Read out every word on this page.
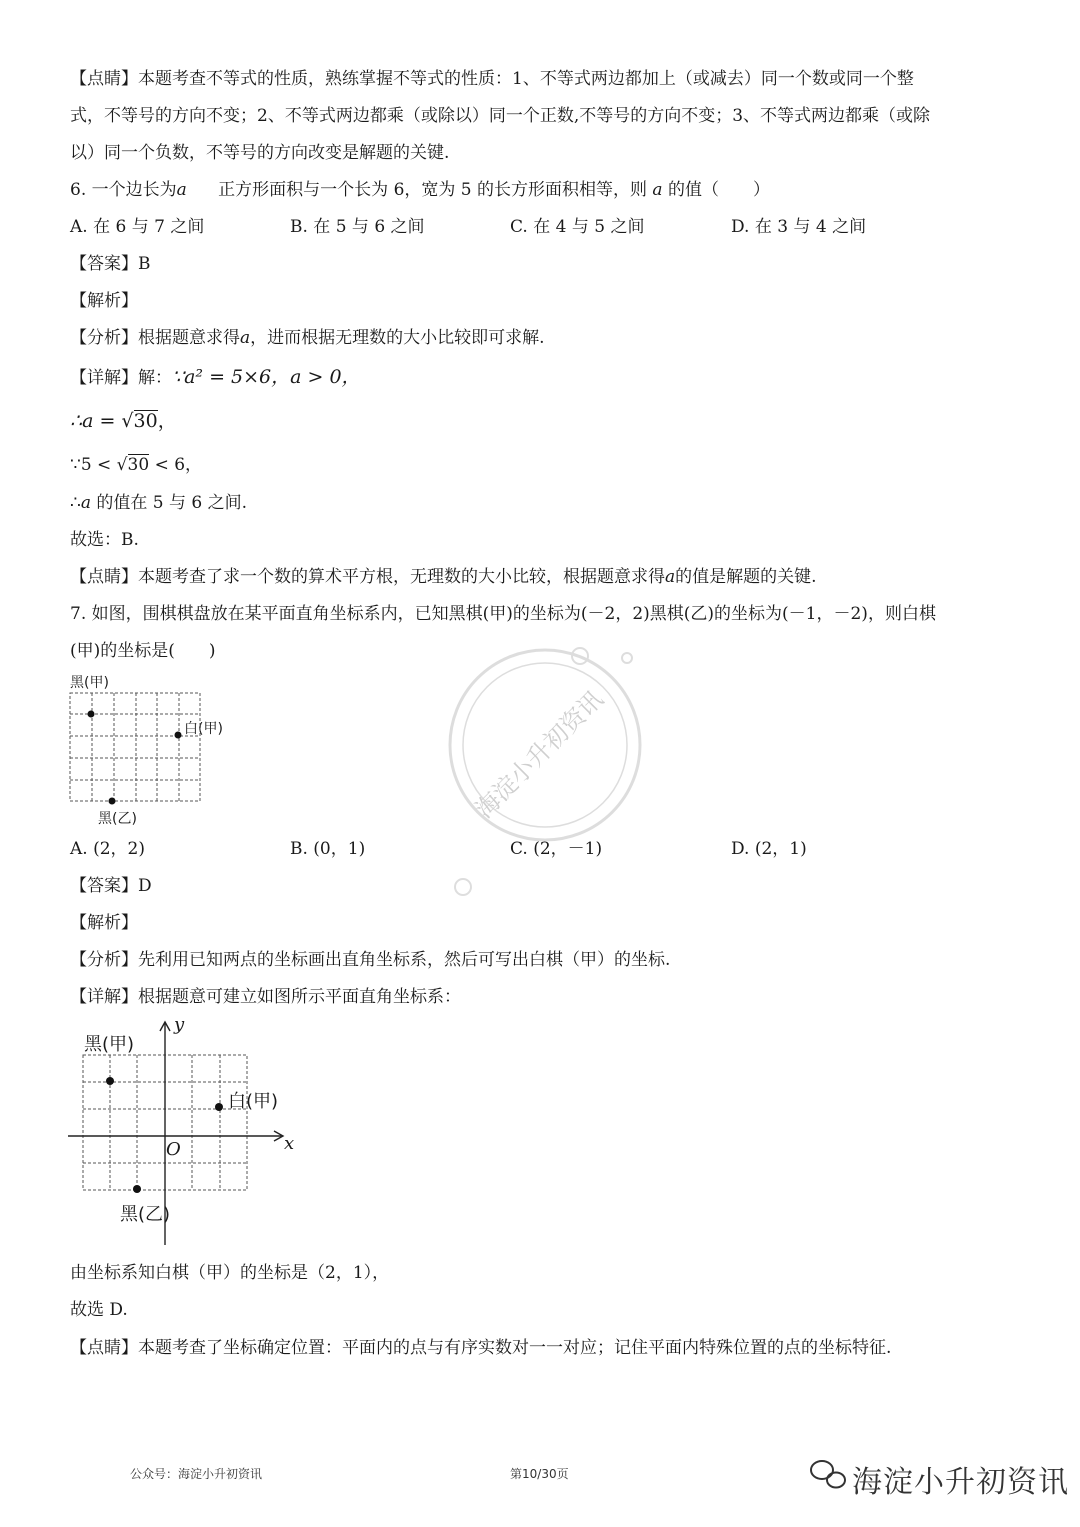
【点睛】本题考查不等式的性质，熟练掌握不等式的性质：1、不等式两边都加上（或减去）同一个数或同一个整
式，不等号的方向不变；2、不等式两边都乘（或除以）同一个正数,不等号的方向不变；3、不等式两边都乘（或除
以）同一个负数，不等号的方向改变是解题的关键.
6. 一个边长为a 正方形面积与一个长为 6，宽为 5 的长方形面积相等，则 a 的值（　　）
A. 在 6 与 7 之间	B. 在 5 与 6 之间	C. 在 4 与 5 之间	D. 在 3 与 4 之间
【答案】B
【解析】
【分析】根据题意求得a，进而根据无理数的大小比较即可求解.
【详解】解：∵a² = 5×6，a > 0，
∴a = √30，
∵5 < √30 < 6，
∴a 的值在 5 与 6 之间.
故选：B.
【点睛】本题考查了求一个数的算术平方根，无理数的大小比较，根据题意求得a的值是解题的关键.
7. 如图，围棋棋盘放在某平面直角坐标系内，已知黑棋(甲)的坐标为(－2，2)黑棋(乙)的坐标为(－1，－2)，则白棋
(甲)的坐标是(　　)
黑(甲)
白(甲)
黑(乙)
A. (2，2)	B. (0，1)	C. (2，－1)	D. (2，1)
【答案】D
【解析】
【分析】先利用已知两点的坐标画出直角坐标系，然后可写出白棋（甲）的坐标.
【详解】根据题意可建立如图所示平面直角坐标系：
黑(甲)
白(甲)
黑(乙)
y
x
O
海淀小升初资讯
由坐标系知白棋（甲）的坐标是（2，1），
故选 D.
【点睛】本题考查了坐标确定位置：平面内的点与有序实数对一一对应；记住平面内特殊位置的点的坐标特征.
公众号：海淀小升初资讯	第10/30页	海淀小升初资讯
